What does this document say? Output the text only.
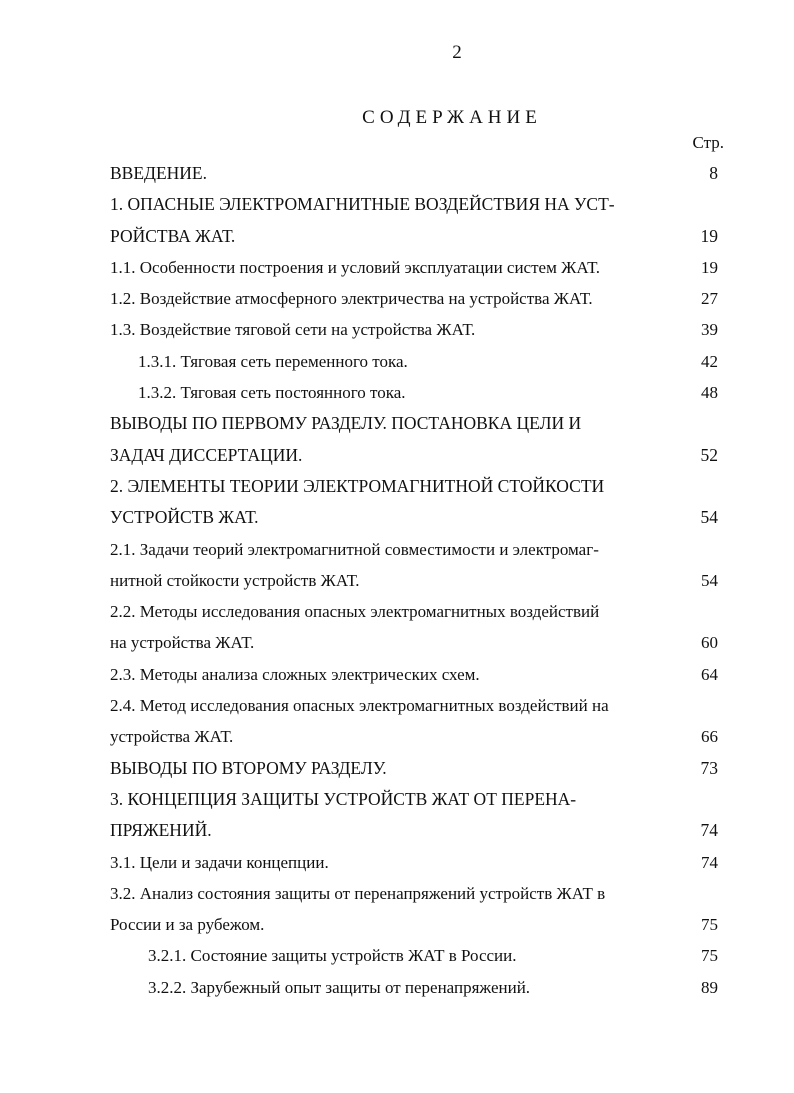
2
СОДЕРЖАНИЕ
Стр.
ВВЕДЕНИЕ.	8
1. ОПАСНЫЕ ЭЛЕКТРОМАГНИТНЫЕ ВОЗДЕЙСТВИЯ НА УСТ-
РОЙСТВА ЖАТ.	19
1.1. Особенности построения и условий эксплуатации систем ЖАТ.	19
1.2. Воздействие атмосферного электричества на устройства ЖАТ.	27
1.3. Воздействие тяговой сети на устройства ЖАТ.	39
1.3.1. Тяговая сеть переменного тока.	42
1.3.2. Тяговая сеть постоянного тока.	48
ВЫВОДЫ ПО ПЕРВОМУ РАЗДЕЛУ. ПОСТАНОВКА ЦЕЛИ И
ЗАДАЧ ДИССЕРТАЦИИ.	52
2. ЭЛЕМЕНТЫ ТЕОРИИ ЭЛЕКТРОМАГНИТНОЙ СТОЙКОСТИ
УСТРОЙСТВ ЖАТ.	54
2.1. Задачи теорий электромагнитной совместимости и электромаг-
нитной стойкости устройств ЖАТ.	54
2.2. Методы исследования опасных электромагнитных воздействий
на устройства ЖАТ.	60
2.3. Методы анализа сложных электрических схем.	64
2.4. Метод исследования опасных электромагнитных воздействий на
устройства ЖАТ.	66
ВЫВОДЫ ПО ВТОРОМУ РАЗДЕЛУ.	73
3. КОНЦЕПЦИЯ ЗАЩИТЫ УСТРОЙСТВ ЖАТ ОТ ПЕРЕНА-
ПРЯЖЕНИЙ.	74
3.1. Цели и задачи концепции.	74
3.2. Анализ состояния защиты от перенапряжений устройств ЖАТ в
России и за рубежом.	75
3.2.1. Состояние защиты устройств ЖАТ в России.	75
3.2.2. Зарубежный опыт защиты от перенапряжений.	89
